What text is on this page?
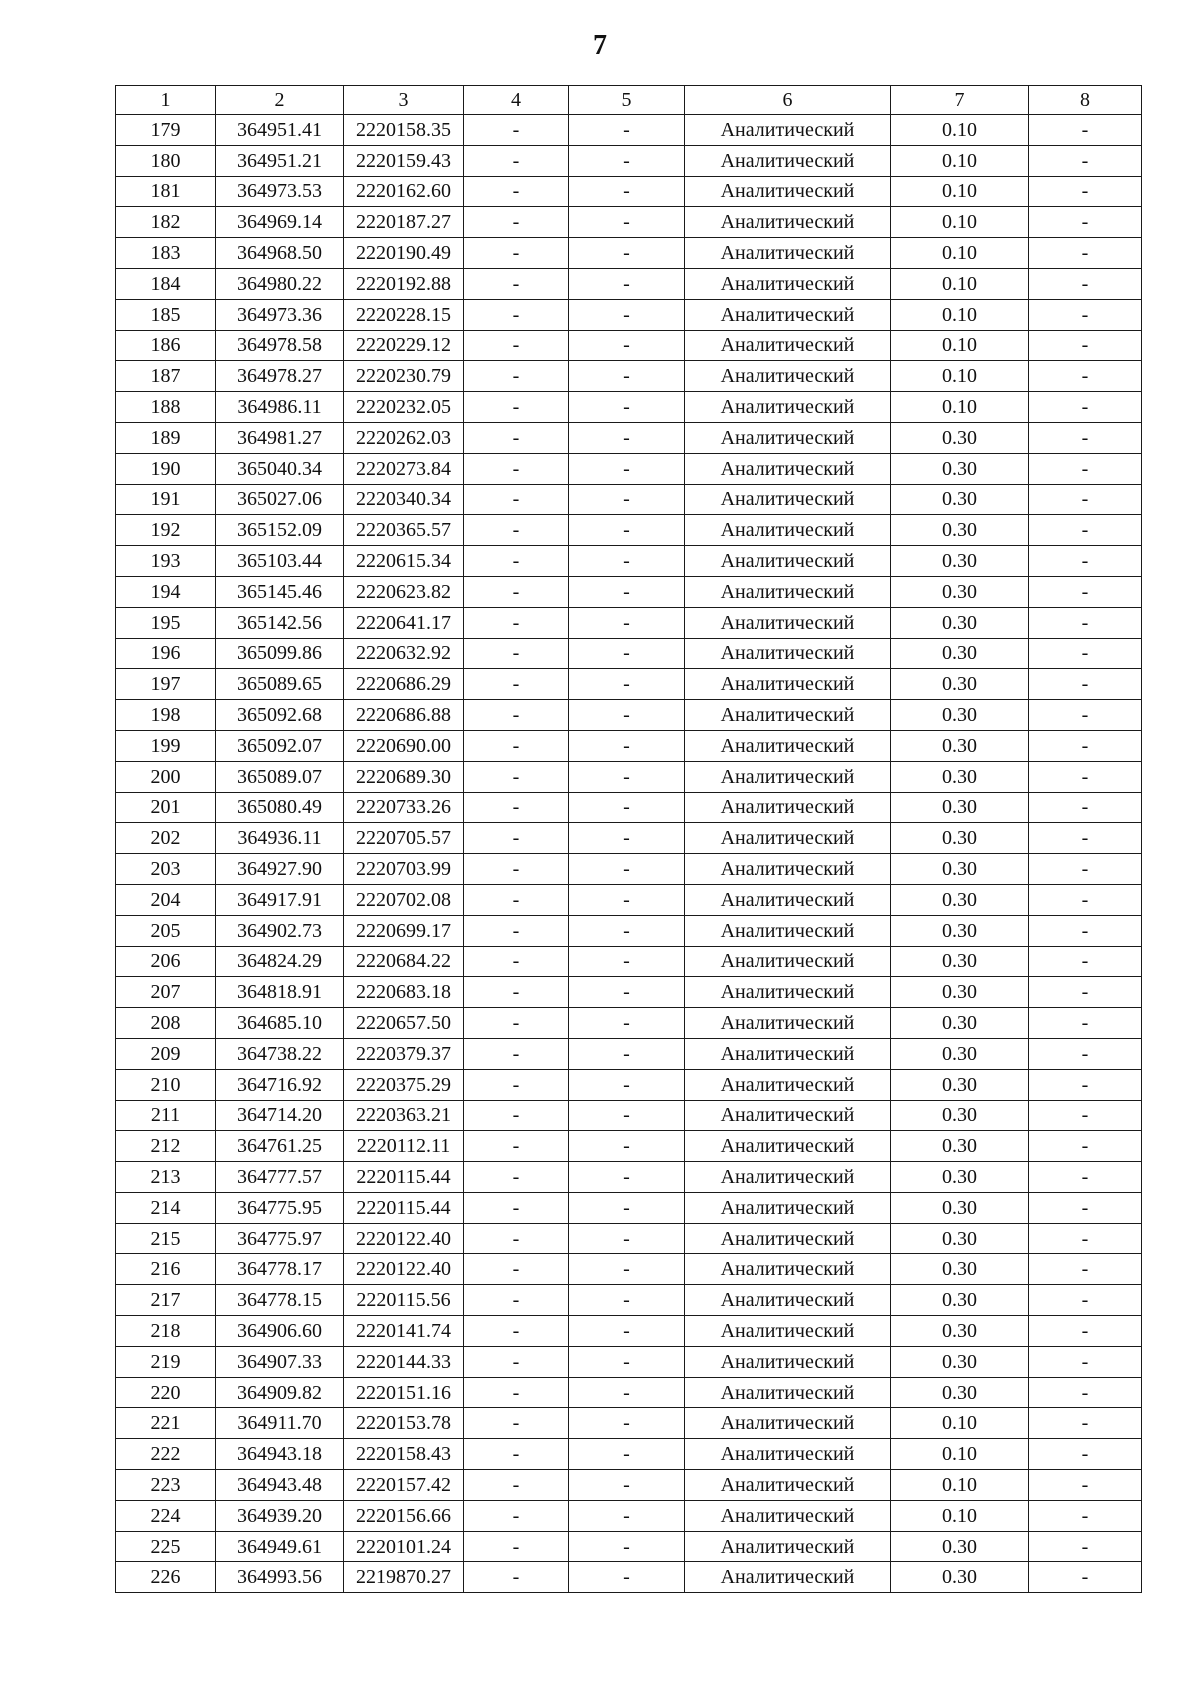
7
1	2	3	4	5	6	7	8
179	364951.41	2220158.35	-	-	Аналитический	0.10	-
180	364951.21	2220159.43	-	-	Аналитический	0.10	-
181	364973.53	2220162.60	-	-	Аналитический	0.10	-
182	364969.14	2220187.27	-	-	Аналитический	0.10	-
183	364968.50	2220190.49	-	-	Аналитический	0.10	-
184	364980.22	2220192.88	-	-	Аналитический	0.10	-
185	364973.36	2220228.15	-	-	Аналитический	0.10	-
186	364978.58	2220229.12	-	-	Аналитический	0.10	-
187	364978.27	2220230.79	-	-	Аналитический	0.10	-
188	364986.11	2220232.05	-	-	Аналитический	0.10	-
189	364981.27	2220262.03	-	-	Аналитический	0.30	-
190	365040.34	2220273.84	-	-	Аналитический	0.30	-
191	365027.06	2220340.34	-	-	Аналитический	0.30	-
192	365152.09	2220365.57	-	-	Аналитический	0.30	-
193	365103.44	2220615.34	-	-	Аналитический	0.30	-
194	365145.46	2220623.82	-	-	Аналитический	0.30	-
195	365142.56	2220641.17	-	-	Аналитический	0.30	-
196	365099.86	2220632.92	-	-	Аналитический	0.30	-
197	365089.65	2220686.29	-	-	Аналитический	0.30	-
198	365092.68	2220686.88	-	-	Аналитический	0.30	-
199	365092.07	2220690.00	-	-	Аналитический	0.30	-
200	365089.07	2220689.30	-	-	Аналитический	0.30	-
201	365080.49	2220733.26	-	-	Аналитический	0.30	-
202	364936.11	2220705.57	-	-	Аналитический	0.30	-
203	364927.90	2220703.99	-	-	Аналитический	0.30	-
204	364917.91	2220702.08	-	-	Аналитический	0.30	-
205	364902.73	2220699.17	-	-	Аналитический	0.30	-
206	364824.29	2220684.22	-	-	Аналитический	0.30	-
207	364818.91	2220683.18	-	-	Аналитический	0.30	-
208	364685.10	2220657.50	-	-	Аналитический	0.30	-
209	364738.22	2220379.37	-	-	Аналитический	0.30	-
210	364716.92	2220375.29	-	-	Аналитический	0.30	-
211	364714.20	2220363.21	-	-	Аналитический	0.30	-
212	364761.25	2220112.11	-	-	Аналитический	0.30	-
213	364777.57	2220115.44	-	-	Аналитический	0.30	-
214	364775.95	2220115.44	-	-	Аналитический	0.30	-
215	364775.97	2220122.40	-	-	Аналитический	0.30	-
216	364778.17	2220122.40	-	-	Аналитический	0.30	-
217	364778.15	2220115.56	-	-	Аналитический	0.30	-
218	364906.60	2220141.74	-	-	Аналитический	0.30	-
219	364907.33	2220144.33	-	-	Аналитический	0.30	-
220	364909.82	2220151.16	-	-	Аналитический	0.30	-
221	364911.70	2220153.78	-	-	Аналитический	0.10	-
222	364943.18	2220158.43	-	-	Аналитический	0.10	-
223	364943.48	2220157.42	-	-	Аналитический	0.10	-
224	364939.20	2220156.66	-	-	Аналитический	0.10	-
225	364949.61	2220101.24	-	-	Аналитический	0.30	-
226	364993.56	2219870.27	-	-	Аналитический	0.30	-
